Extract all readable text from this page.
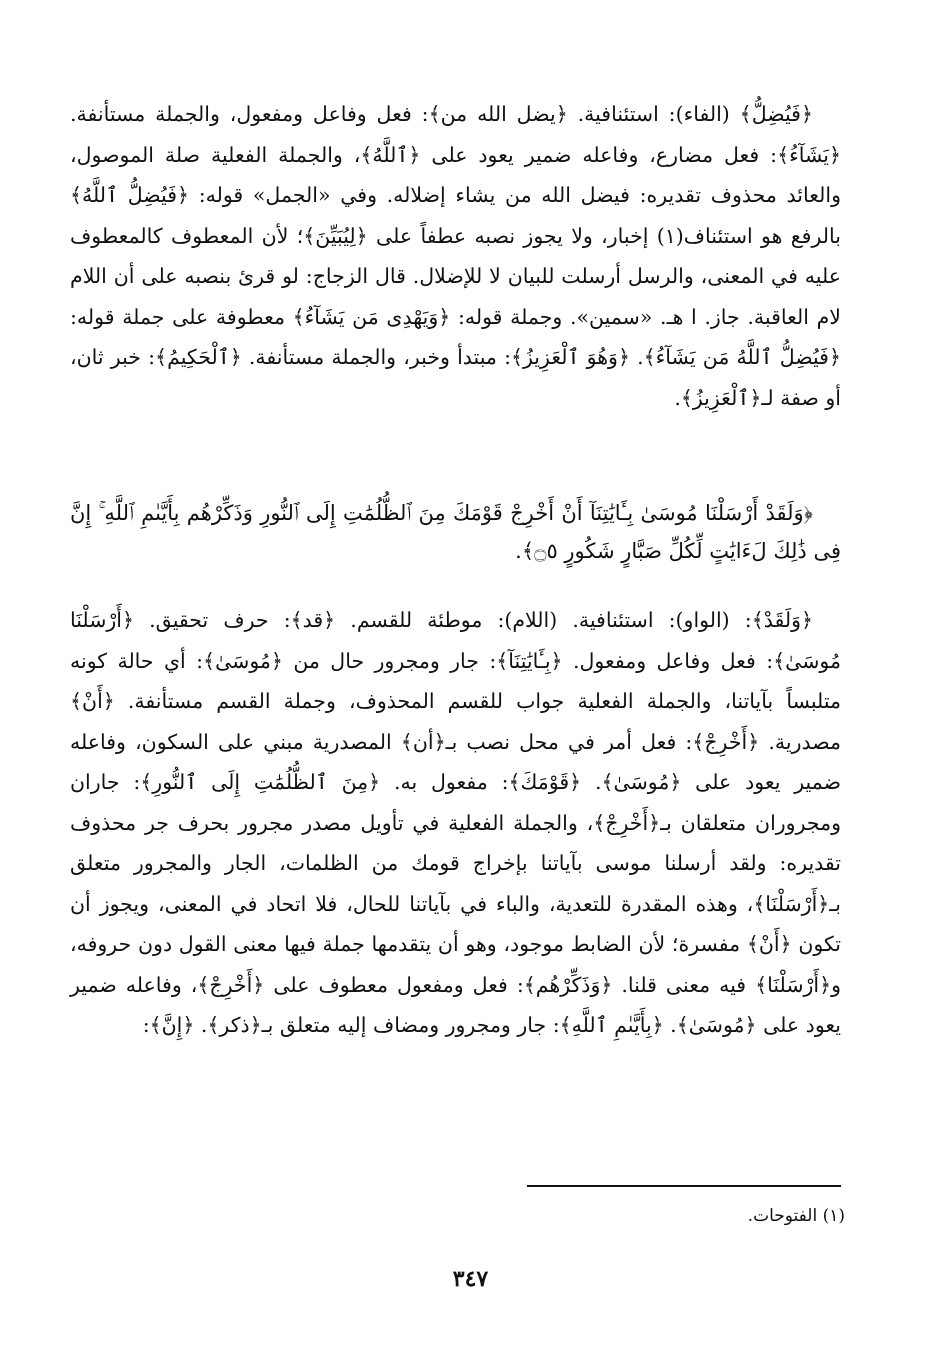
﴿فَيُضِلُّ﴾ (الفاء): استئنافية. ﴿يضل الله من﴾: فعل وفاعل ومفعول، والجملة مستأنفة. ﴿يَشَآءُ﴾: فعل مضارع، وفاعله ضمير يعود على ﴿ٱللَّهُ﴾، والجملة الفعلية صلة الموصول، والعائد محذوف تقديره: فيضل الله من يشاء إضلاله. وفي «الجمل» قوله: ﴿فَيُضِلُّ ٱللَّهُ﴾ بالرفع هو استئناف(١) إخبار، ولا يجوز نصبه عطفاً على ﴿لِيُبَيِّنَ﴾؛ لأن المعطوف كالمعطوف عليه في المعنى، والرسل أرسلت للبيان لا للإضلال. قال الزجاج: لو قرئ بنصبه على أن اللام لام العاقبة. جاز. ا هـ. «سمين». وجملة قوله: ﴿وَيَهْدِى مَن يَشَآءُ﴾ معطوفة على جملة قوله: ﴿فَيُضِلُّ ٱللَّهُ مَن يَشَآءُ﴾. ﴿وَهُوَ ٱلْعَزِيزُ﴾: مبتدأ وخبر، والجملة مستأنفة. ﴿ٱلْحَكِيمُ﴾: خبر ثان، أو صفة لـ﴿ٱلْعَزِيزُ﴾.

﴿وَلَقَدْ أَرْسَلْنَا مُوسَىٰ بِـَٔايَٰتِنَآ أَنْ أَخْرِجْ قَوْمَكَ مِنَ ٱلظُّلُمَٰتِ إِلَى ٱلنُّورِ وَذَكِّرْهُم بِأَيَّىٰمِ ٱللَّهِ ۚ إِنَّ فِى ذَٰلِكَ لَءَايَٰتٍ لِّكُلِّ صَبَّارٍ شَكُورٍ ۝٥﴾.

﴿وَلَقَدْ﴾: (الواو): استئنافية. (اللام): موطئة للقسم. ﴿قد﴾: حرف تحقيق. ﴿أَرْسَلْنَا مُوسَىٰ﴾: فعل وفاعل ومفعول. ﴿بِـَٔايَٰتِنَآ﴾: جار ومجرور حال من ﴿مُوسَىٰ﴾: أي حالة كونه متلبساً بآياتنا، والجملة الفعلية جواب للقسم المحذوف، وجملة القسم مستأنفة. ﴿أَنْ﴾ مصدرية. ﴿أَخْرِجْ﴾: فعل أمر في محل نصب بـ﴿أن﴾ المصدرية مبني على السكون، وفاعله ضمير يعود على ﴿مُوسَىٰ﴾. ﴿قَوْمَكَ﴾: مفعول به. ﴿مِنَ ٱلظُّلُمَٰتِ إِلَى ٱلنُّورِ﴾: جاران ومجروران متعلقان بـ﴿أَخْرِجْ﴾، والجملة الفعلية في تأويل مصدر مجرور بحرف جر محذوف تقديره: ولقد أرسلنا موسى بآياتنا بإخراج قومك من الظلمات، الجار والمجرور متعلق بـ﴿أَرْسَلْنَا﴾، وهذه المقدرة للتعدية، والباء في بآياتنا للحال، فلا اتحاد في المعنى، ويجوز أن تكون ﴿أَنْ﴾ مفسرة؛ لأن الضابط موجود، وهو أن يتقدمها جملة فيها معنى القول دون حروفه، و﴿أَرْسَلْنَا﴾ فيه معنى قلنا. ﴿وَذَكِّرْهُم﴾: فعل ومفعول معطوف على ﴿أَخْرِجْ﴾، وفاعله ضمير يعود على ﴿مُوسَىٰ﴾. ﴿بِأَيَّىٰمِ ٱللَّهِ﴾: جار ومجرور ومضاف إليه متعلق بـ﴿ذكر﴾. ﴿إِنَّ﴾:

(١) الفتوحات.
٣٤٧
